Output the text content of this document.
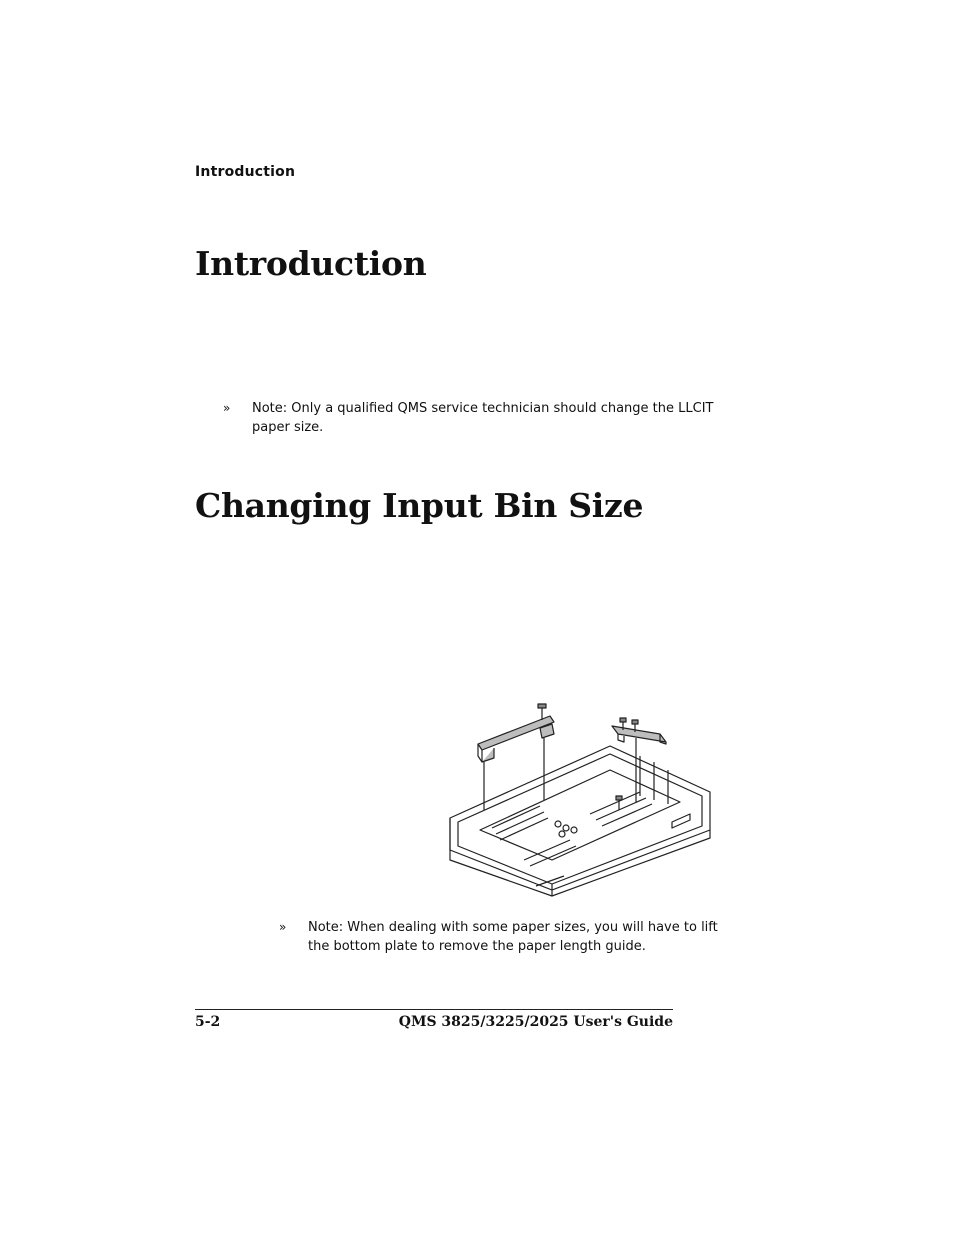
Introduction
Introduction
» Note: Only a qualified QMS service technician should change the LLCIT
paper size.
Changing Input Bin Size
» Note: When dealing with some paper sizes, you will have to lift
the bottom plate to remove the paper length guide.
5-2	QMS 3825/3225/2025 User's Guide
